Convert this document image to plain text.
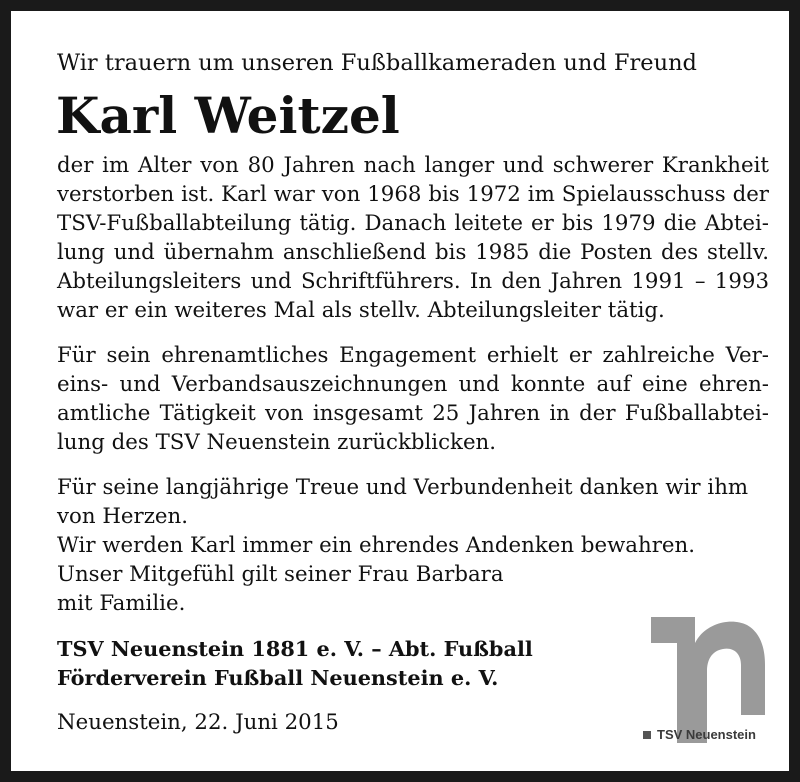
Wir trauern um unseren Fußballkameraden und Freund

Karl Weitzel
der im Alter von 80 Jahren nach langer und schwerer Krankheit
verstorben ist. Karl war von 1968 bis 1972 im Spielausschuss der
TSV-Fußballabteilung tätig. Danach leitete er bis 1979 die Abtei-
lung und übernahm anschließend bis 1985 die Posten des stellv.
Abteilungsleiters und Schriftführers. In den Jahren 1991 – 1993
war er ein weiteres Mal als stellv. Abteilungsleiter tätig.
Für sein ehrenamtliches Engagement erhielt er zahlreiche Ver-
eins- und Verbandsauszeichnungen und konnte auf eine ehren-
amtliche Tätigkeit von insgesamt 25 Jahren in der Fußballabtei-
lung des TSV Neuenstein zurückblicken.
Für seine langjährige Treue und Verbundenheit danken wir ihm
von Herzen.
Wir werden Karl immer ein ehrendes Andenken bewahren.
Unser Mitgefühl gilt seiner Frau Barbara
mit Familie.
TSV Neuenstein 1881 e. V. – Abt. Fußball
Förderverein Fußball Neuenstein e. V.
Neuenstein, 22. Juni 2015	TSV Neuenstein
